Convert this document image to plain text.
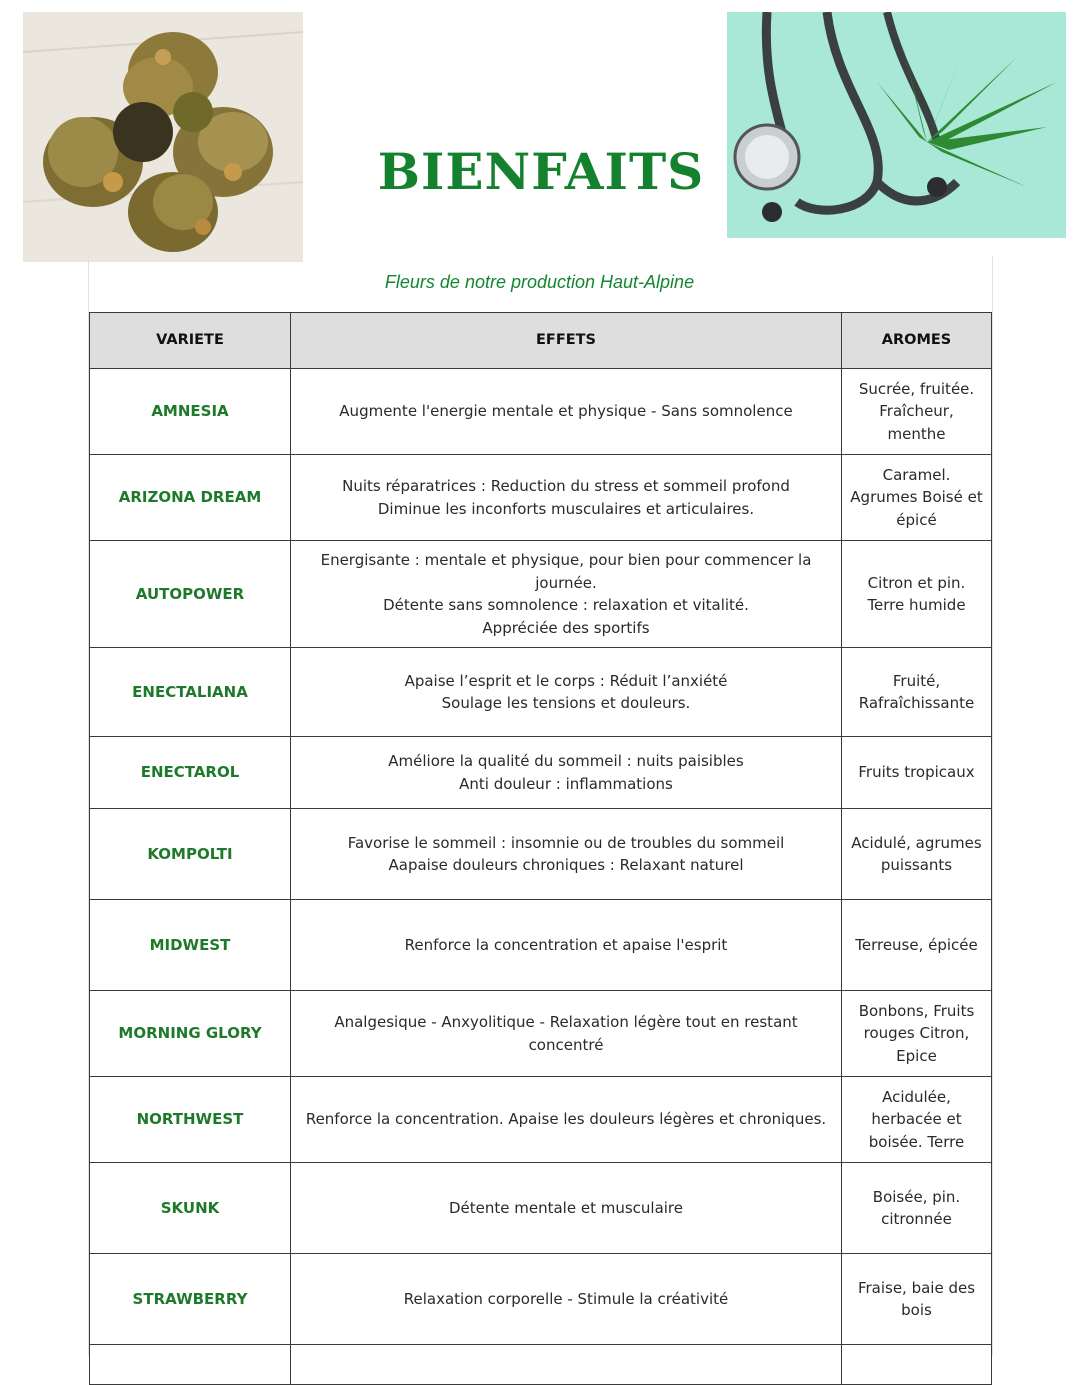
BIENFAITS
Fleurs de notre production Haut-Alpine
VARIETE	EFFETS	AROMES
AMNESIA	Augmente l'energie mentale et physique - Sans somnolence	Sucrée, fruitée.
Fraîcheur,
menthe

ARIZONA DREAM	Nuits réparatrices : Reduction du stress et sommeil profond
Diminue les inconforts musculaires et articulaires.	Caramel.
Agrumes Boisé et
épicé

AUTOPOWER	Energisante : mentale et physique, pour bien pour commencer la
journée.
Détente sans somnolence : relaxation et vitalité.
Appréciée des sportifs	Citron et pin.
Terre humide

ENECTALIANA	Apaise l’esprit et le corps : Réduit l’anxiété
Soulage les tensions et douleurs.	Fruité,
Rafraîchissante

ENECTAROL	Améliore la qualité du sommeil : nuits paisibles
Anti douleur : inflammations	Fruits tropicaux

KOMPOLTI	Favorise le sommeil : insomnie ou de troubles du sommeil
Aapaise douleurs chroniques : Relaxant naturel	Acidulé, agrumes
puissants

MIDWEST	Renforce la concentration et apaise l'esprit	Terreuse, épicée

MORNING GLORY	Analgesique - Anxyolitique - Relaxation légère tout en restant concentré	Bonbons, Fruits
rouges Citron,
Epice

NORTHWEST	Renforce la concentration. Apaise les douleurs légères et chroniques.	Acidulée,
herbacée et
boisée. Terre

SKUNK	Détente mentale et musculaire	Boisée, pin.
citronnée

STRAWBERRY	Relaxation corporelle - Stimule la créativité	Fraise, baie des
bois
